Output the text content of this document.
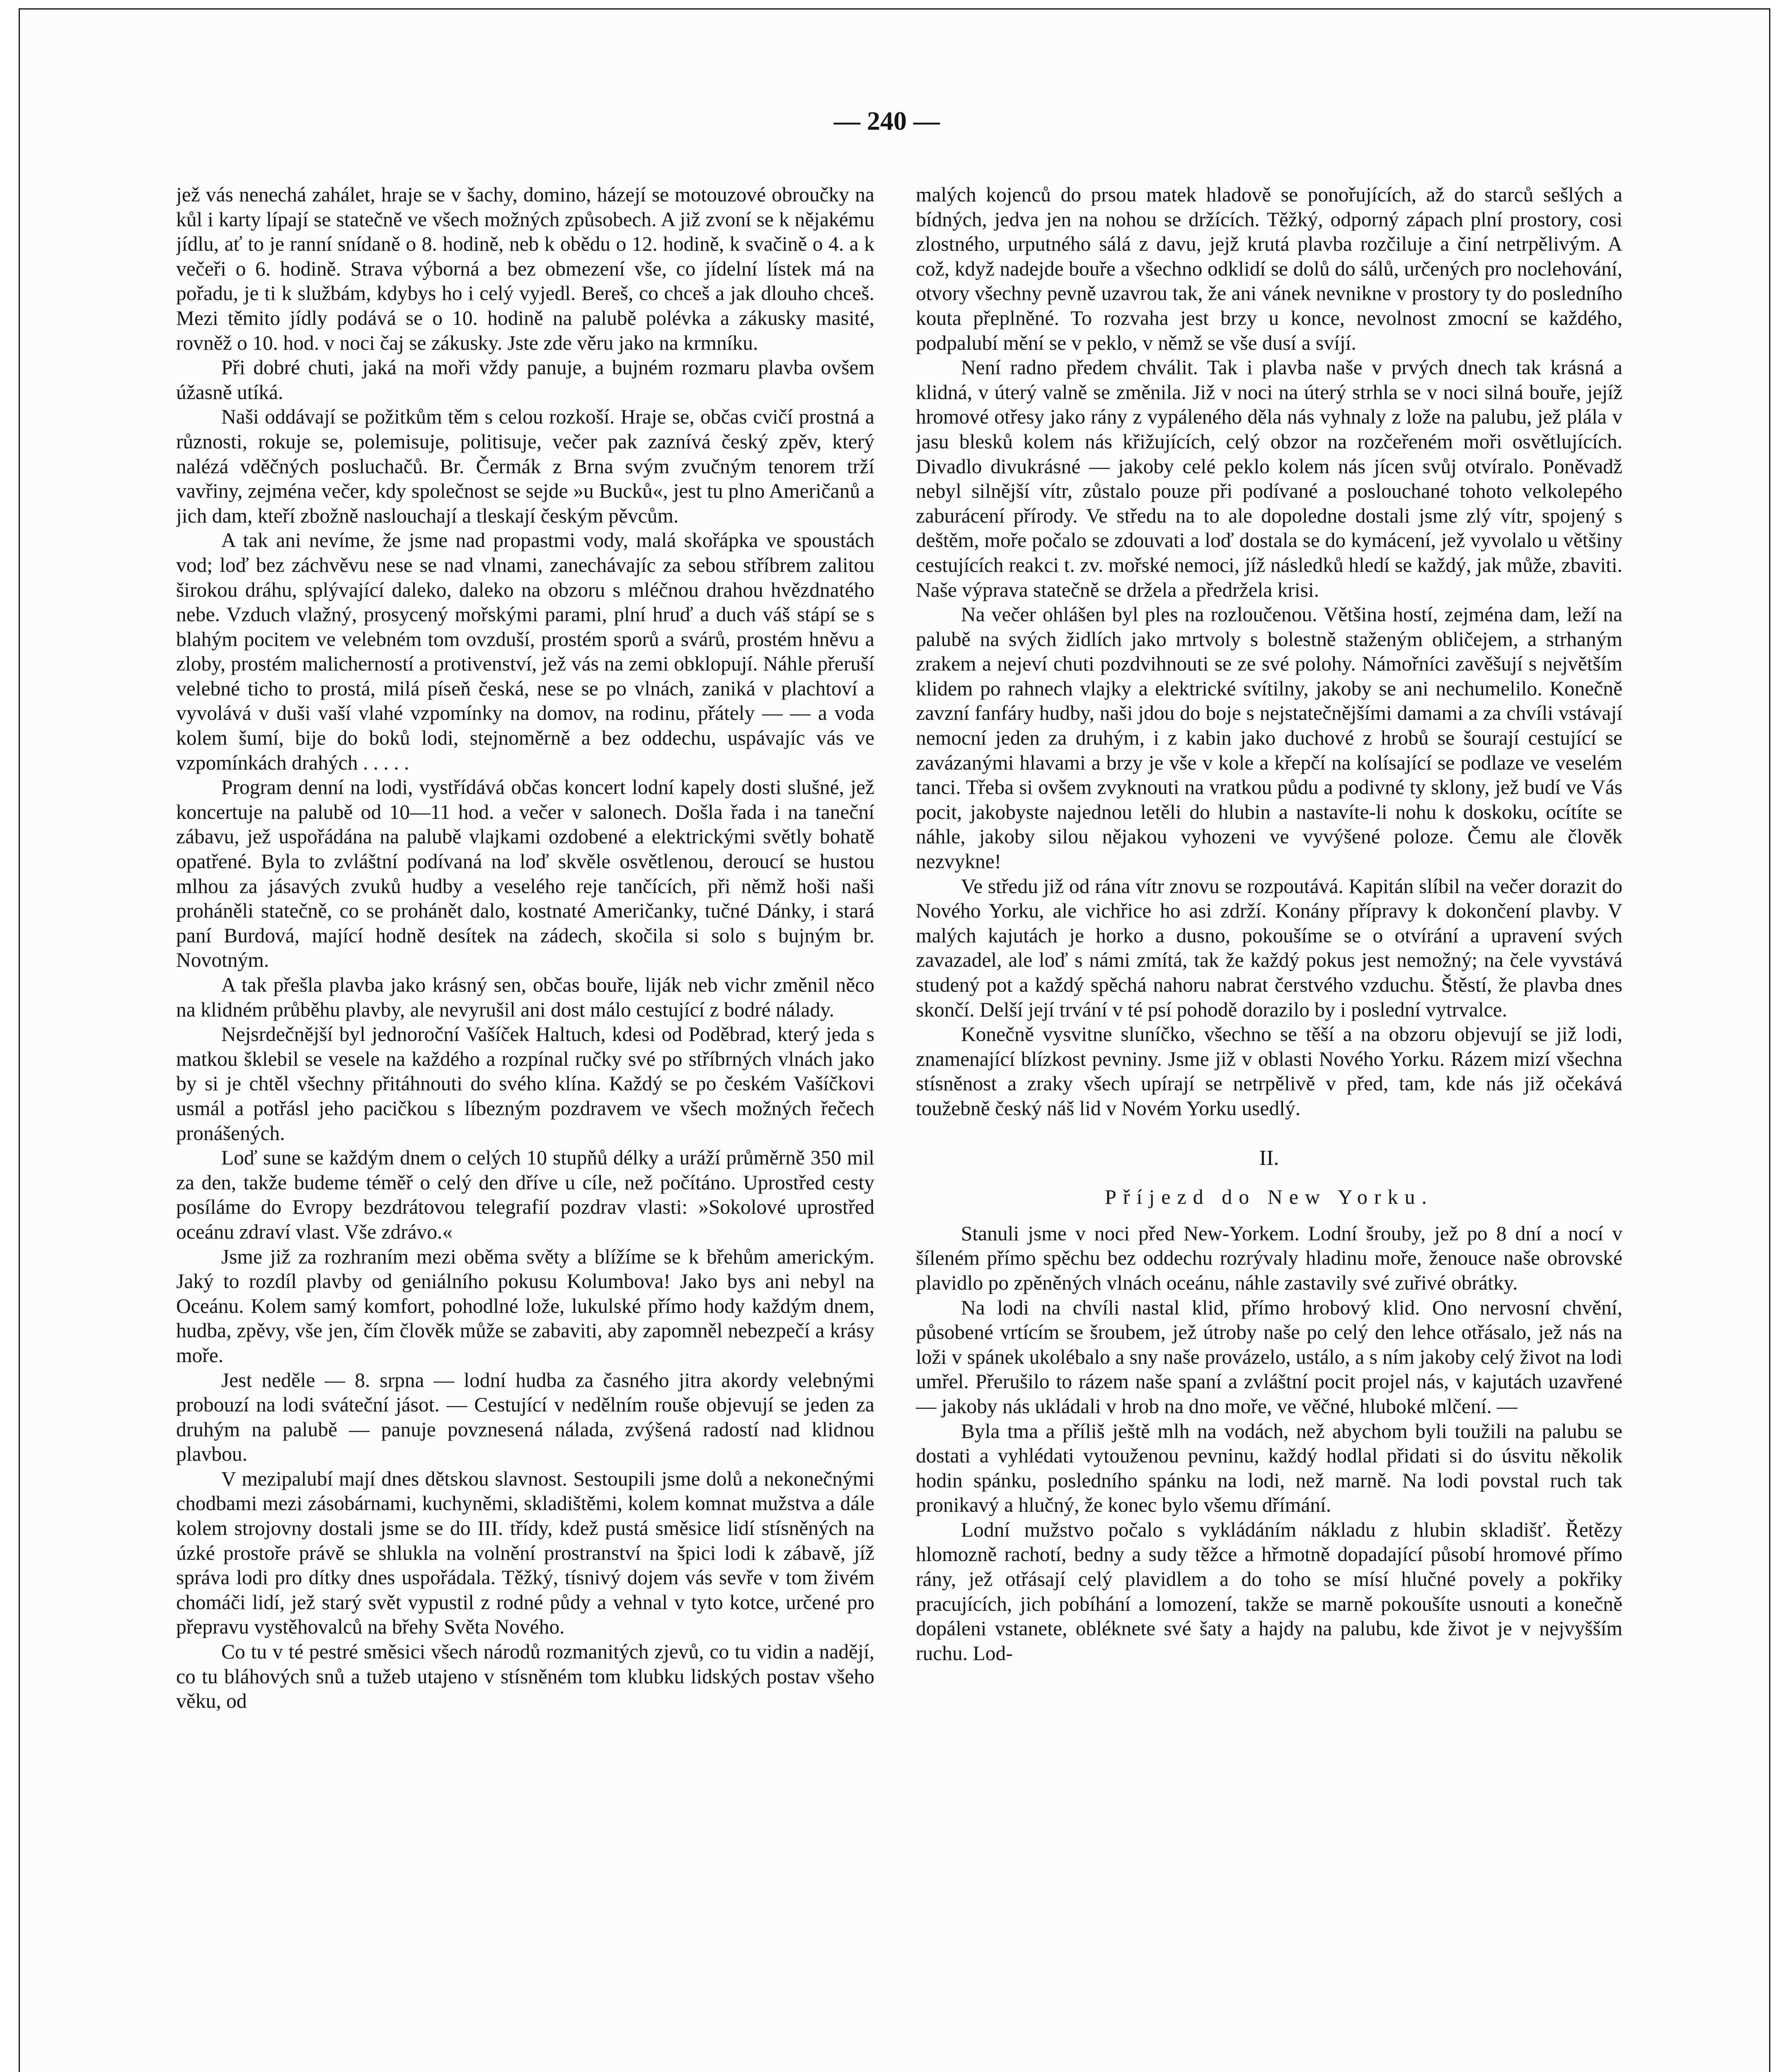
— 240 —

jež vás nenechá zahálet, hraje se v šachy, domino, házejí se motouzové obroučky na kůl i karty lípají se statečně ve všech možných způsobech. A již zvoní se k nějakému jídlu, ať to je ranní snídaně o 8. hodině, neb k obědu o 12. hodině, k svačině o 4. a k večeři o 6. hodině. Strava výborná a bez obmezení vše, co jídelní lístek má na pořadu, je ti k službám, kdybys ho i celý vyjedl. Bereš, co chceš a jak dlouho chceš. Mezi těmito jídly podává se o 10. hodině na palubě polévka a zákusky masité, rovněž o 10. hod. v noci čaj se zákusky. Jste zde věru jako na krmníku.

Při dobré chuti, jaká na moři vždy panuje, a bujném rozmaru plavba ovšem úžasně utíká.

Naši oddávají se požitkům těm s celou rozkoší. Hraje se, občas cvičí prostná a různosti, rokuje se, polemisuje, politisuje, večer pak zaznívá český zpěv, který nalézá vděčných posluchačů. Br. Čermák z Brna svým zvučným tenorem trží vavřiny, zejména večer, kdy společnost se sejde »u Bucků«, jest tu plno Američanů a jich dam, kteří zbožně naslouchají a tleskají českým pěvcům.

A tak ani nevíme, že jsme nad propastmi vody, malá skořápka ve spoustách vod; loď bez záchvěvu nese se nad vlnami, zanechávajíc za sebou stříbrem zalitou širokou dráhu, splývající daleko, daleko na obzoru s mléčnou drahou hvězdnatého nebe. Vzduch vlažný, prosycený mořskými parami, plní hruď a duch váš stápí se s blahým pocitem ve velebném tom ovzduší, prostém sporů a svárů, prostém hněvu a zloby, prostém malicherností a protivenství, jež vás na zemi obklopují. Náhle přeruší velebné ticho to prostá, milá píseň česká, nese se po vlnách, zaniká v plachtoví a vyvolává v duši vaší vlahé vzpomínky na domov, na rodinu, přátely — — a voda kolem šumí, bije do boků lodi, stejnoměrně a bez oddechu, uspávajíc vás ve vzpomínkách drahých . . . . .

Program denní na lodi, vystřídává občas koncert lodní kapely dosti slušné, jež koncertuje na palubě od 10—11 hod. a večer v salonech. Došla řada i na taneční zábavu, jež uspořádána na palubě vlajkami ozdobené a elektrickými světly bohatě opatřené. Byla to zvláštní podívaná na loď skvěle osvětlenou, deroucí se hustou mlhou za jásavých zvuků hudby a veselého reje tančících, při němž hoši naši proháněli statečně, co se prohánět dalo, kostnaté Američanky, tučné Dánky, i stará paní Burdová, mající hodně desítek na zádech, skočila si solo s bujným br. Novotným.

A tak přešla plavba jako krásný sen, občas bouře, liják neb vichr změnil něco na klidném průběhu plavby, ale nevyrušil ani dost málo cestující z bodré nálady.

Nejsrdečnější byl jednoroční Vašíček Haltuch, kdesi od Poděbrad, který jeda s matkou šklebil se vesele na každého a rozpínal ručky své po stříbrných vlnách jako by si je chtěl všechny přitáhnouti do svého klína. Každý se po českém Vašíčkovi usmál a potřásl jeho pacičkou s líbezným pozdravem ve všech možných řečech pronášených.

Loď sune se každým dnem o celých 10 stupňů délky a uráží průměrně 350 mil za den, takže budeme téměř o celý den dříve u cíle, než počítáno. Uprostřed cesty posíláme do Evropy bezdrátovou telegrafií pozdrav vlasti: »Sokolové uprostřed oceánu zdraví vlast. Vše zdrávo.«

Jsme již za rozhraním mezi oběma světy a blížíme se k břehům americkým. Jaký to rozdíl plavby od geniálního pokusu Kolumbova! Jako bys ani nebyl na Oceánu. Kolem samý komfort, pohodlné lože, lukulské přímo hody každým dnem, hudba, zpěvy, vše jen, čím člověk může se zabaviti, aby zapomněl nebezpečí a krásy moře.

Jest neděle — 8. srpna — lodní hudba za časného jitra akordy velebnými probouzí na lodi sváteční jásot. — Cestující v nedělním rouše objevují se jeden za druhým na palubě — panuje povznesená nálada, zvýšená radostí nad klidnou plavbou.

V mezipalubí mají dnes dětskou slavnost. Sestoupili jsme dolů a nekonečnými chodbami mezi zásobárnami, kuchyněmi, skladištěmi, kolem komnat mužstva a dále kolem strojovny dostali jsme se do III. třídy, kdež pustá směsice lidí stísněných na úzké prostoře právě se shlukla na volnění prostranství na špici lodi k zábavě, jíž správa lodi pro dítky dnes uspořádala. Těžký, tísnivý dojem vás sevře v tom živém chomáči lidí, jež starý svět vypustil z rodné půdy a vehnal v tyto kotce, určené pro přepravu vystěhovalců na břehy Světa Nového.

Co tu v té pestré směsici všech národů rozmanitých zjevů, co tu vidin a nadějí, co tu bláhových snů a tužeb utajeno v stísněném tom klubku lidských postav všeho věku, od

malých kojenců do prsou matek hladově se ponořujících, až do starců sešlých a bídných, jedva jen na nohou se držících. Těžký, odporný zápach plní prostory, cosi zlostného, urputného sálá z davu, jejž krutá plavba rozčiluje a činí netrpělivým. A což, když nadejde bouře a všechno odklidí se dolů do sálů, určených pro noclehování, otvory všechny pevně uzavrou tak, že ani vánek nevnikne v prostory ty do posledního kouta přeplněné. To rozvaha jest brzy u konce, nevolnost zmocní se každého, podpalubí mění se v peklo, v němž se vše dusí a svíjí.

Není radno předem chválit. Tak i plavba naše v prvých dnech tak krásná a klidná, v úterý valně se změnila. Již v noci na úterý strhla se v noci silná bouře, jejíž hromové otřesy jako rány z vypáleného děla nás vyhnaly z lože na palubu, jež plála v jasu blesků kolem nás křižujících, celý obzor na rozčeřeném moři osvětlujících. Divadlo divukrásné — jakoby celé peklo kolem nás jícen svůj otvíralo. Poněvadž nebyl silnější vítr, zůstalo pouze při podívané a poslouchané tohoto velkolepého zaburácení přírody. Ve středu na to ale dopoledne dostali jsme zlý vítr, spojený s deštěm, moře počalo se zdouvati a loď dostala se do kymácení, jež vyvolalo u většiny cestujících reakci t. zv. mořské nemoci, jíž následků hledí se každý, jak může, zbaviti. Naše výprava statečně se držela a předržela krisi.

Na večer ohlášen byl ples na rozloučenou. Většina hostí, zejména dam, leží na palubě na svých židlích jako mrtvoly s bolestně staženým obličejem, a strhaným zrakem a nejeví chuti pozdvihnouti se ze své polohy. Námořníci zavěšují s největším klidem po rahnech vlajky a elektrické svítilny, jakoby se ani nechumelilo. Konečně zavzní fanfáry hudby, naši jdou do boje s nejstatečnějšími damami a za chvíli vstávají nemocní jeden za druhým, i z kabin jako duchové z hrobů se šourají cestující se zavázanými hlavami a brzy je vše v kole a křepčí na kolísající se podlaze ve veselém tanci. Třeba si ovšem zvyknouti na vratkou půdu a podivné ty sklony, jež budí ve Vás pocit, jakobyste najednou letěli do hlubin a nastavíte-li nohu k doskoku, ocítíte se náhle, jakoby silou nějakou vyhozeni ve vyvýšené poloze. Čemu ale člověk nezvykne!

Ve středu již od rána vítr znovu se rozpoutává. Kapitán slíbil na večer dorazit do Nového Yorku, ale vichřice ho asi zdrží. Konány přípravy k dokončení plavby. V malých kajutách je horko a dusno, pokoušíme se o otvírání a upravení svých zavazadel, ale loď s námi zmítá, tak že každý pokus jest nemožný; na čele vyvstává studený pot a každý spěchá nahoru nabrat čerstvého vzduchu. Štěstí, že plavba dnes skončí. Delší její trvání v té psí pohodě dorazilo by i poslední vytrvalce.

Konečně vysvitne sluníčko, všechno se těší a na obzoru objevují se již lodi, znamenající blízkost pevniny. Jsme již v oblasti Nového Yorku. Rázem mizí všechna stísněnost a zraky všech upírají se netrpělivě v před, tam, kde nás již očekává toužebně český náš lid v Novém Yorku usedlý.

II.
Příjezd do New Yorku.

Stanuli jsme v noci před New-Yorkem. Lodní šrouby, jež po 8 dní a nocí v šíleném přímo spěchu bez oddechu rozrývaly hladinu moře, ženouce naše obrovské plavidlo po zpěněných vlnách oceánu, náhle zastavily své zuřivé obrátky.

Na lodi na chvíli nastal klid, přímo hrobový klid. Ono nervosní chvění, působené vrtícím se šroubem, jež útroby naše po celý den lehce otřásalo, jež nás na loži v spánek ukolébalo a sny naše provázelo, ustálo, a s ním jakoby celý život na lodi umřel. Přerušilo to rázem naše spaní a zvláštní pocit projel nás, v kajutách uzavřené — jakoby nás ukládali v hrob na dno moře, ve věčné, hluboké mlčení. —

Byla tma a příliš ještě mlh na vodách, než abychom byli toužili na palubu se dostati a vyhlédati vytouženou pevninu, každý hodlal přidati si do úsvitu několik hodin spánku, posledního spánku na lodi, než marně. Na lodi povstal ruch tak pronikavý a hlučný, že konec bylo všemu dřímání.

Lodní mužstvo počalo s vykládáním nákladu z hlubin skladišť. Řetězy hlomozně rachotí, bedny a sudy těžce a hřmotně dopadající působí hromové přímo rány, jež otřásají celý plavidlem a do toho se mísí hlučné povely a pokřiky pracujících, jich pobíhání a lomození, takže se marně pokoušíte usnouti a konečně dopáleni vstanete, obléknete své šaty a hajdy na palubu, kde život je v nejvyšším ruchu. Lod-
